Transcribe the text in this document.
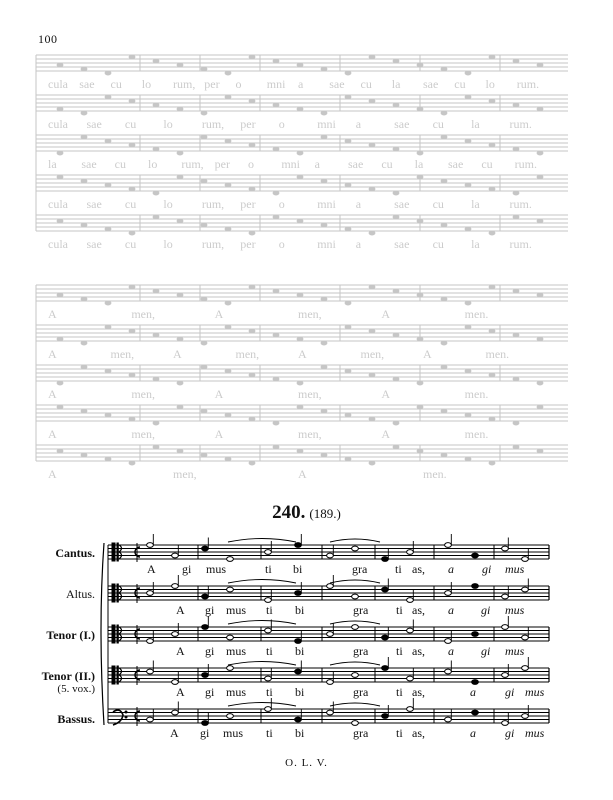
100
240. (189.)
Cantus.
Altus.
Tenor (I.)
Tenor (II.)
(5. vox.)
Bassus.
A gi mus	ti bi	gra ti as, a gi mus
A gi mus ti bi	gra ti as, a gi mus
A gi mus ti bi	gra ti as, a gi mus
A gi mus ti bi	gra ti as,	a gi mus
A gi mus ti bi	gra ti as,	a gi mus
cula sae cu lo rum, per o mni a sae cu la sae cu lo rum.
cula sae cu lo rum, per o	mni a	sae cu la rum.
la sae cu lo rum, per o mni a sae cu la sae cu rum.
cula sae cu lo rum, per o	mni a	sae cu la rum.
cula sae cu lo rum, per o	mni a	sae cu la rum.
A	men,	A	men,	A	men.
A	men,	A	men,	A	men,	A	men.
A	men,	A	men,	A	men.
A	men,	A	men,	A	men.
A	men,	A	men.
O. L. V.
